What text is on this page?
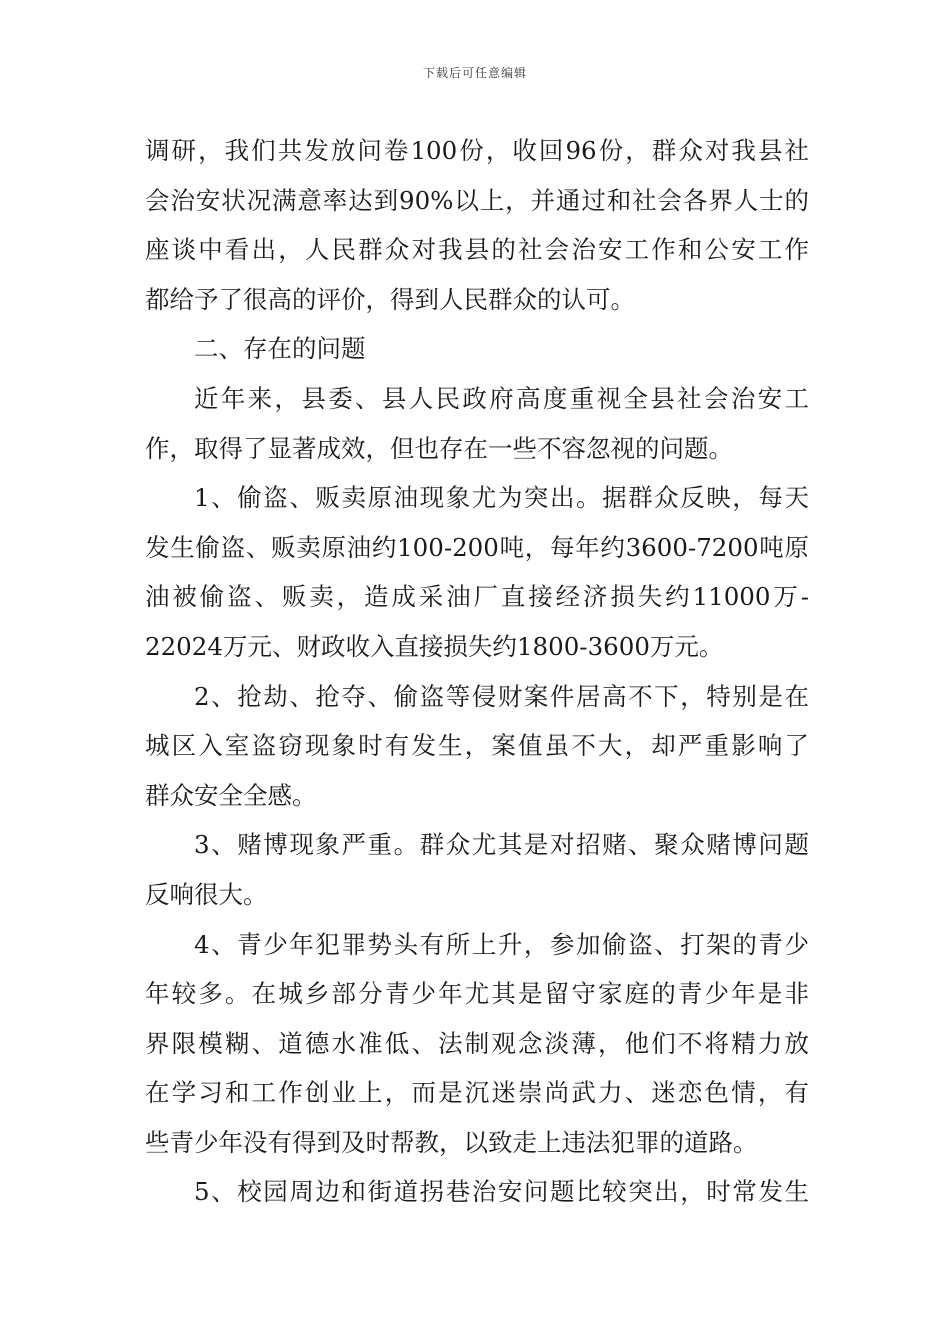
下载后可任意编辑
调研，我们共发放问卷100份，收回96份，群众对我县社
会治安状况满意率达到90%以上，并通过和社会各界人士的
座谈中看出，人民群众对我县的社会治安工作和公安工作
都给予了很高的评价，得到人民群众的认可。
二、存在的问题
近年来，县委、县人民政府高度重视全县社会治安工
作，取得了显著成效，但也存在一些不容忽视的问题。
1、偷盗、贩卖原油现象尤为突出。据群众反映，每天
发生偷盗、贩卖原油约100-200吨，每年约3600-7200吨原
油被偷盗、贩卖，造成采油厂直接经济损失约11000万-
22024万元、财政收入直接损失约1800-3600万元。
2、抢劫、抢夺、偷盗等侵财案件居高不下，特别是在
城区入室盗窃现象时有发生，案值虽不大，却严重影响了
群众安全全感。
3、赌博现象严重。群众尤其是对招赌、聚众赌博问题
反响很大。
4、青少年犯罪势头有所上升，参加偷盗、打架的青少
年较多。在城乡部分青少年尤其是留守家庭的青少年是非
界限模糊、道德水准低、法制观念淡薄，他们不将精力放
在学习和工作创业上，而是沉迷崇尚武力、迷恋色情，有
些青少年没有得到及时帮教，以致走上违法犯罪的道路。
5、校园周边和街道拐巷治安问题比较突出，时常发生
